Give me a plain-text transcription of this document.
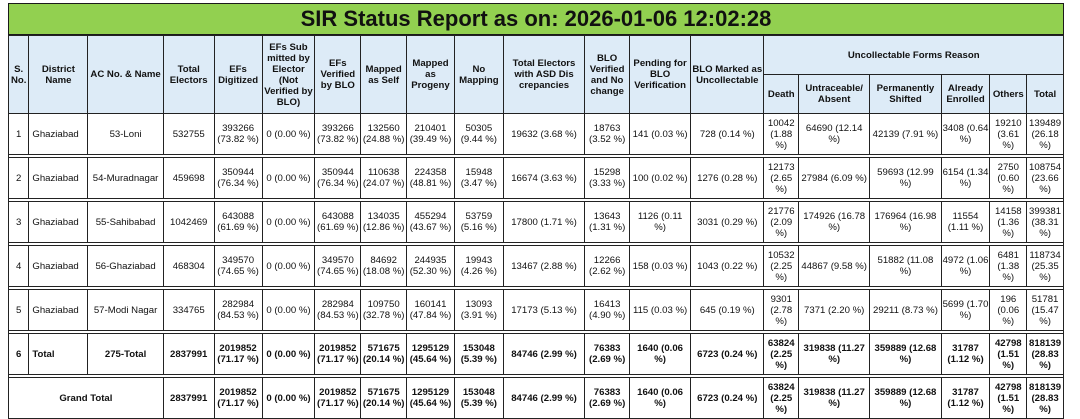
SIR Status Report as on: 2026-01-06 12:02:28
S. No.	District Name	AC No. & Name	Total Electors	EFs Digitized	EFs Sub mitted by Elector (Not Verified by BLO)	EFs Verified by BLO	Mapped as Self	Mapped as Progeny	No Mapping	Total Electors with ASD Dis crepancies	BLO Verified and No change	Pending for BLO Verification	BLO Marked as Uncollectable	Uncollectable Forms Reason					
														Death	Untraceable/ Absent	Permanently Shifted	Already Enrolled	Others	Total
1	Ghaziabad	53-Loni	532755	393266 (73.82 %)	0 (0.00 %)	393266 (73.82 %)	132560 (24.88 %)	210401 (39.49 %)	50305 (9.44 %)	19632 (3.68 %)	18763 (3.52 %)	141 (0.03 %)	728 (0.14 %)	10042 (1.88 %)	64690 (12.14 %)	42139 (7.91 %)	3408 (0.64 %)	19210 (3.61 %)	139489 (26.18 %)

2	Ghaziabad	54-Muradnagar	459698	350944 (76.34 %)	0 (0.00 %)	350944 (76.34 %)	110638 (24.07 %)	224358 (48.81 %)	15948 (3.47 %)	16674 (3.63 %)	15298 (3.33 %)	100 (0.02 %)	1276 (0.28 %)	12173 (2.65 %)	27984 (6.09 %)	59693 (12.99 %)	6154 (1.34 %)	2750 (0.60 %)	108754 (23.66 %)

3	Ghaziabad	55-Sahibabad	1042469	643088 (61.69 %)	0 (0.00 %)	643088 (61.69 %)	134035 (12.86 %)	455294 (43.67 %)	53759 (5.16 %)	17800 (1.71 %)	13643 (1.31 %)	1126 (0.11 %)	3031 (0.29 %)	21776 (2.09 %)	174926 (16.78 %)	176964 (16.98 %)	11554 (1.11 %)	14158 (1.36 %)	399381 (38.31 %)

4	Ghaziabad	56-Ghaziabad	468304	349570 (74.65 %)	0 (0.00 %)	349570 (74.65 %)	84692 (18.08 %)	244935 (52.30 %)	19943 (4.26 %)	13467 (2.88 %)	12266 (2.62 %)	158 (0.03 %)	1043 (0.22 %)	10532 (2.25 %)	44867 (9.58 %)	51882 (11.08 %)	4972 (1.06 %)	6481 (1.38 %)	118734 (25.35 %)

5	Ghaziabad	57-Modi Nagar	334765	282984 (84.53 %)	0 (0.00 %)	282984 (84.53 %)	109750 (32.78 %)	160141 (47.84 %)	13093 (3.91 %)	17173 (5.13 %)	16413 (4.90 %)	115 (0.03 %)	645 (0.19 %)	9301 (2.78 %)	7371 (2.20 %)	29211 (8.73 %)	5699 (1.70 %)	196 (0.06 %)	51781 (15.47 %)

6	Total	275-Total	2837991	2019852 (71.17 %)	0 (0.00 %)	2019852 (71.17 %)	571675 (20.14 %)	1295129 (45.64 %)	153048 (5.39 %)	84746 (2.99 %)	76383 (2.69 %)	1640 (0.06 %)	6723 (0.24 %)	63824 (2.25 %)	319838 (11.27 %)	359889 (12.68 %)	31787 (1.12 %)	42798 (1.51 %)	818139 (28.83 %)

Grand Total			2837991	2019852 (71.17 %)	0 (0.00 %)	2019852 (71.17 %)	571675 (20.14 %)	1295129 (45.64 %)	153048 (5.39 %)	84746 (2.99 %)	76383 (2.69 %)	1640 (0.06 %)	6723 (0.24 %)	63824 (2.25 %)	319838 (11.27 %)	359889 (12.68 %)	31787 (1.12 %)	42798 (1.51 %)	818139 (28.83 %)
